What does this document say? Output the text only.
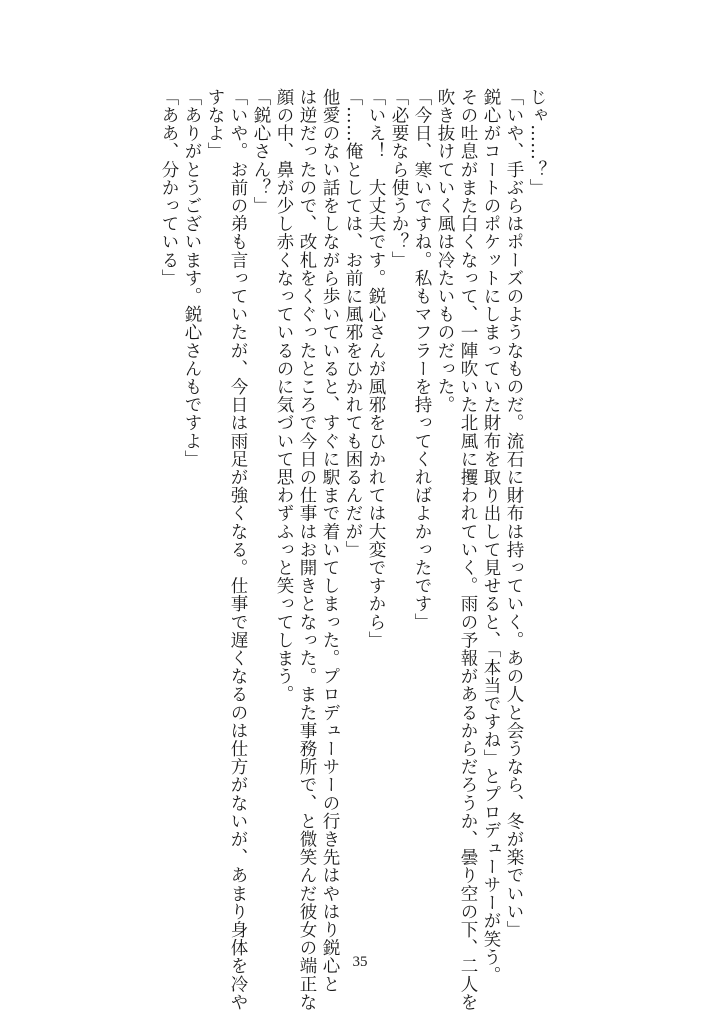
じゃ……？」
「いや、手ぶらはポーズのようなものだ。流石に財布は持っていく。あの人と会うなら、冬が楽でいい」
鋭心がコートのポケットにしまっていた財布を取り出して見せると、「本当ですね」とプロデューサーが笑う。
その吐息がまた白くなって、一陣吹いた北風に攫われていく。雨の予報があるからだろうか、曇り空の下、二人を
吹き抜けていく風は冷たいものだった。
「今日、寒いですね。私もマフラーを持ってくればよかったです」
「必要なら使うか？」
「いえ！　大丈夫です。鋭心さんが風邪をひかれては大変ですから」
「……俺としては、お前に風邪をひかれても困るんだが」
他愛のない話をしながら歩いていると、すぐに駅まで着いてしまった。プロデューサーの行き先はやはり鋭心と
は逆だったので、改札をくぐったところで今日の仕事はお開きとなった。また事務所で、と微笑んだ彼女の端正な
顔の中、鼻が少し赤くなっているのに気づいて思わずふっと笑ってしまう。
「鋭心さん？」
「いや。お前の弟も言っていたが、今日は雨足が強くなる。仕事で遅くなるのは仕方がないが、あまり身体を冷や
すなよ」
「ありがとうございます。鋭心さんもですよ」
「ああ、分かっている」
35
